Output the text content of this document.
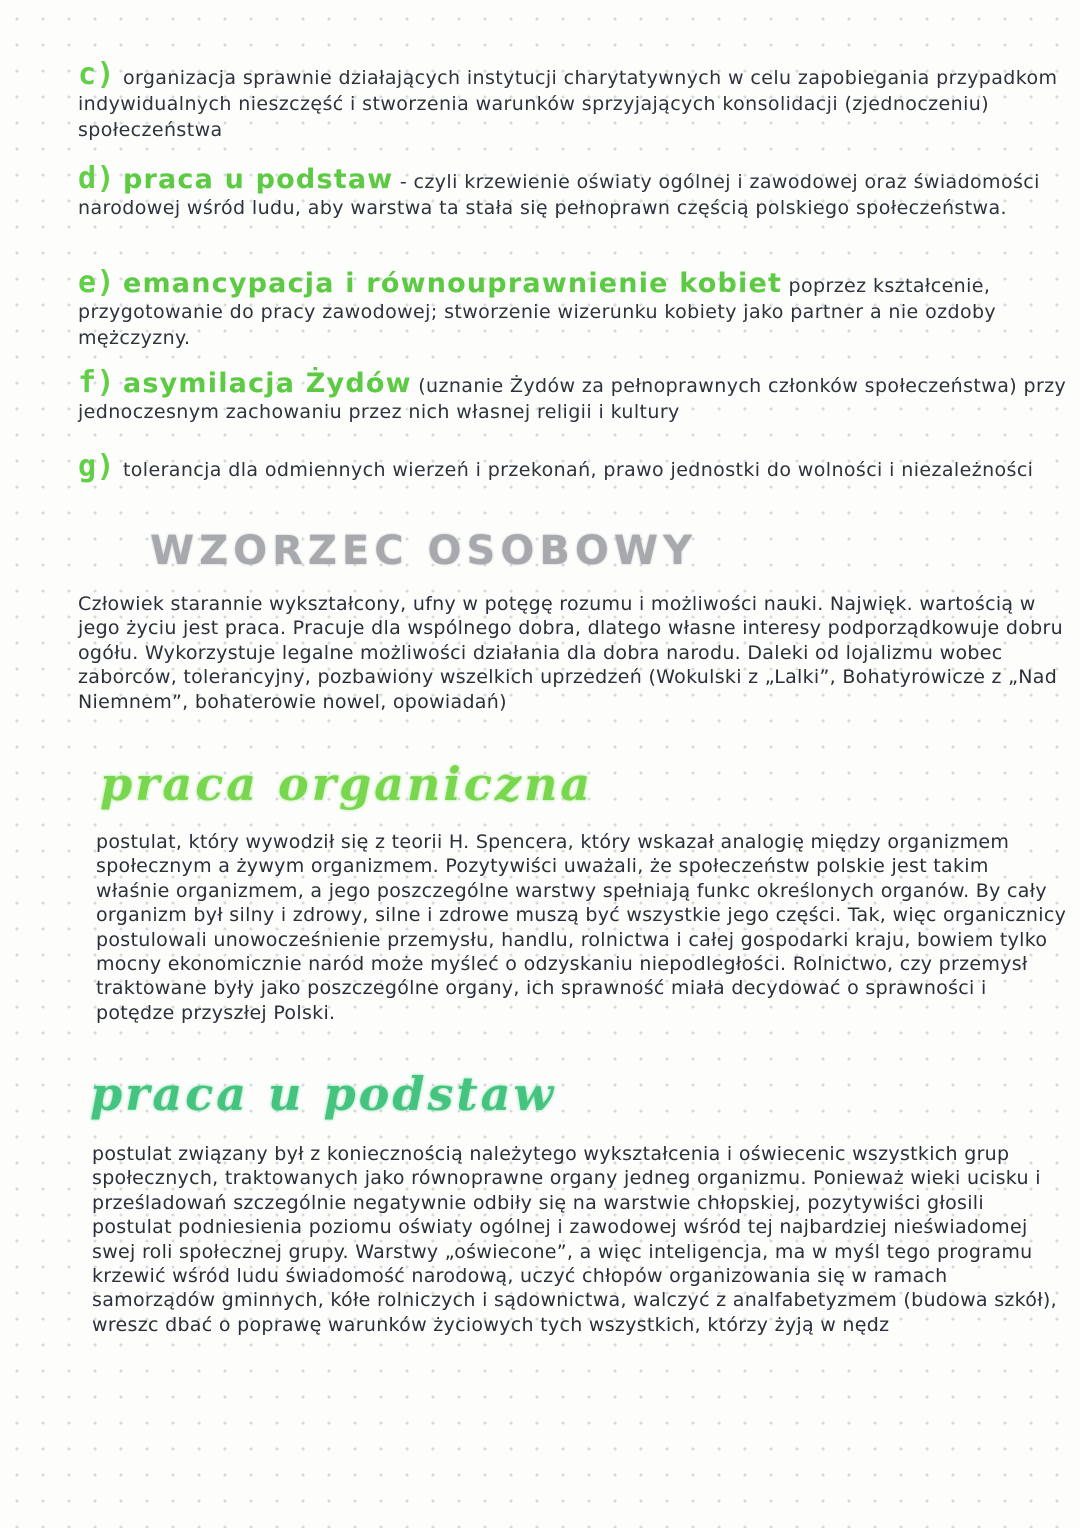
c) organizacja sprawnie działających instytucji charytatywnych w celu zapobiegania przypadkom indywidualnych nieszczęść i stworzenia warunków sprzyjających konsolidacji (zjednoczeniu) społeczeństwa
d) praca u podstaw - czyli krzewienie oświaty ogólnej i zawodowej oraz świadomości narodowej wśród ludu, aby warstwa ta stała się pełnoprawn częścią polskiego społeczeństwa.
e) emancypacja i równouprawnienie kobiet poprzez kształcenie, przygotowanie do pracy zawodowej; stworzenie wizerunku kobiety jako partner a nie ozdoby mężczyzny.
f) asymilacja Żydów (uznanie Żydów za pełnoprawnych członków społeczeństwa) przy jednoczesnym zachowaniu przez nich własnej religii i kultury
g) tolerancja dla odmiennych wierzeń i przekonań, prawo jednostki do wolności i niezależności
WZORZEC OSOBOWY
Człowiek starannie wykształcony, ufny w potęgę rozumu i możliwości nauki. Najwięk. wartością w jego życiu jest praca. Pracuje dla wspólnego dobra, dlatego własne interesy podporządkowuje dobru ogółu. Wykorzystuje legalne możliwości działania dla dobra narodu. Daleki od lojalizmu wobec zaborców, tolerancyjny, pozbawiony wszelkich uprzedzeń (Wokulski z „Lalki”, Bohatyrowicze z „Nad Niemnem”, bohaterowie nowel, opowiadań)
praca organiczna
postulat, który wywodził się z teorii H. Spencera, który wskazał analogię między organizmem społecznym a żywym organizmem. Pozytywiści uważali, że społeczeństw polskie jest takim właśnie organizmem, a jego poszczególne warstwy spełniają funkc określonych organów. By cały organizm był silny i zdrowy, silne i zdrowe muszą być wszystkie jego części. Tak, więc organicznicy postulowali unowocześnienie przemysłu, handlu, rolnictwa i całej gospodarki kraju, bowiem tylko mocny ekonomicznie naród może myśleć o odzyskaniu niepodległości. Rolnictwo, czy przemysł traktowane były jako poszczególne organy, ich sprawność miała decydować o sprawności i potędze przyszłej Polski.
praca u podstaw
postulat związany był z koniecznością należytego wykształcenia i oświecenic wszystkich grup społecznych, traktowanych jako równoprawne organy jedneg organizmu. Ponieważ wieki ucisku i prześladowań szczególnie negatywnie odbiły się na warstwie chłopskiej, pozytywiści głosili postulat podniesienia poziomu oświaty ogólnej i zawodowej wśród tej najbardziej nieświadomej swej roli społecznej grupy. Warstwy „oświecone”, a więc inteligencja, ma w myśl tego programu krzewić wśród ludu świadomość narodową, uczyć chłopów organizowania się w ramach samorządów gminnych, kółe rolniczych i sądownictwa, walczyć z analfabetyzmem (budowa szkół), wreszc dbać o poprawę warunków życiowych tych wszystkich, którzy żyją w nędz
